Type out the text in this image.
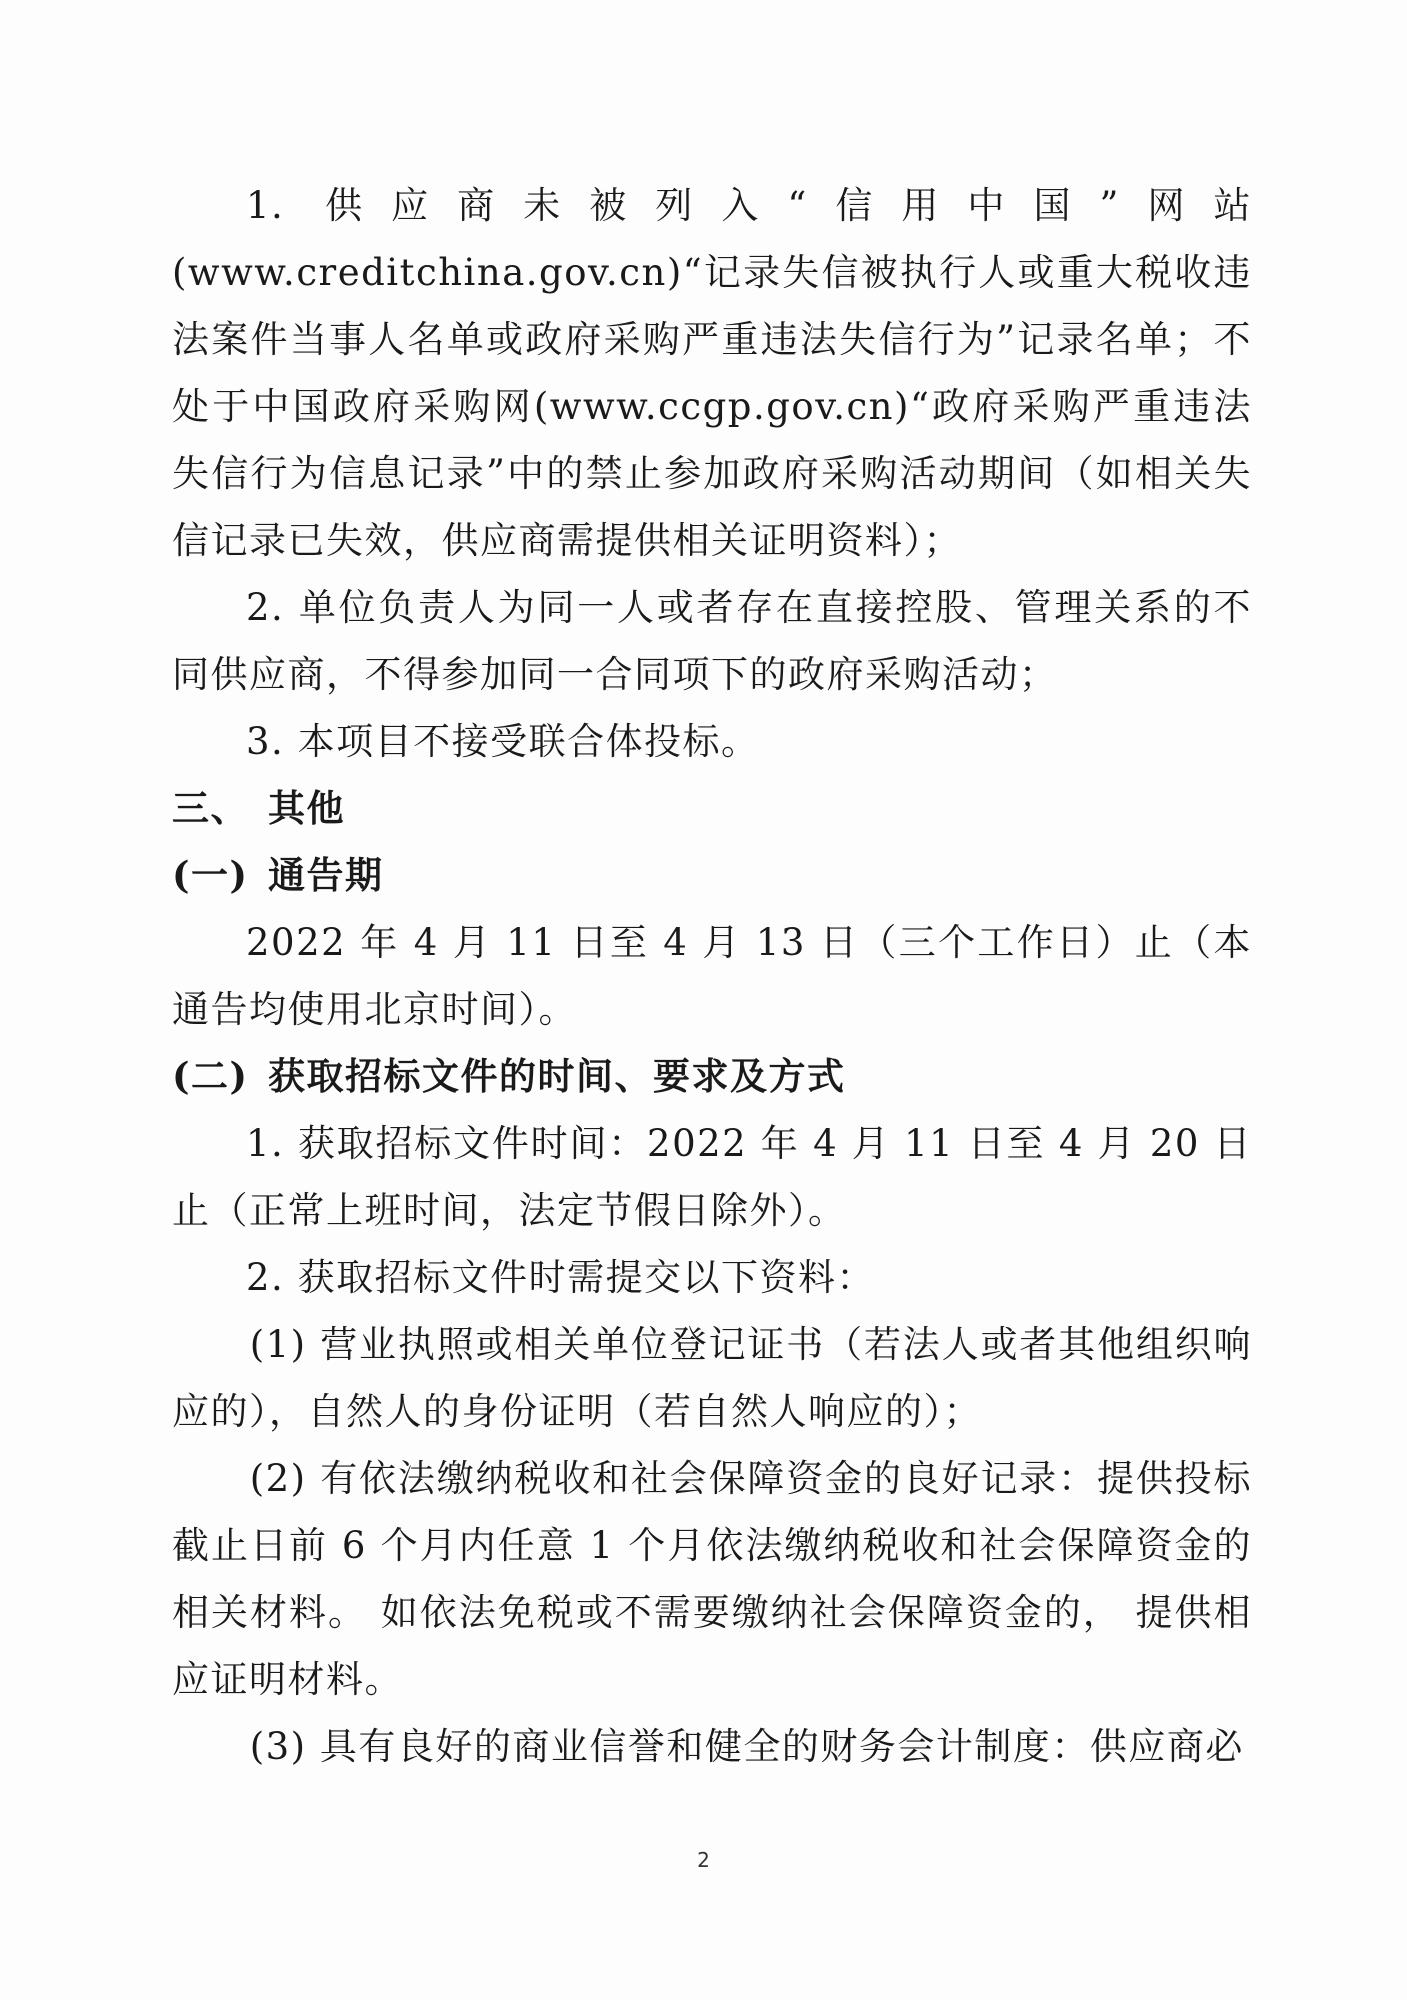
1. 供应商未被列入“信用中国”网站(www.creditchina.gov.cn)“记录失信被执行人或重大税收违法案件当事人名单或政府采购严重违法失信行为”记录名单；不处于中国政府采购网(www.ccgp.gov.cn)“政府采购严重违法失信行为信息记录”中的禁止参加政府采购活动期间（如相关失信记录已失效，供应商需提供相关证明资料）；

2. 单位负责人为同一人或者存在直接控股、管理关系的不同供应商，不得参加同一合同项下的政府采购活动；

3. 本项目不接受联合体投标。

三、 其他
(一) 通告期

2022 年 4 月 11 日至 4 月 13 日（三个工作日）止（本通告均使用北京时间）。

(二) 获取招标文件的时间、要求及方式

1. 获取招标文件时间：2022 年 4 月 11 日至 4 月 20 日止（正常上班时间，法定节假日除外）。

2. 获取招标文件时需提交以下资料：

(1) 营业执照或相关单位登记证书（若法人或者其他组织响应的），自然人的身份证明（若自然人响应的）；

(2) 有依法缴纳税收和社会保障资金的良好记录：提供投标截止日前 6 个月内任意 1 个月依法缴纳税收和社会保障资金的相关材料。 如依法免税或不需要缴纳社会保障资金的， 提供相应证明材料。

(3) 具有良好的商业信誉和健全的财务会计制度：供应商必

2
